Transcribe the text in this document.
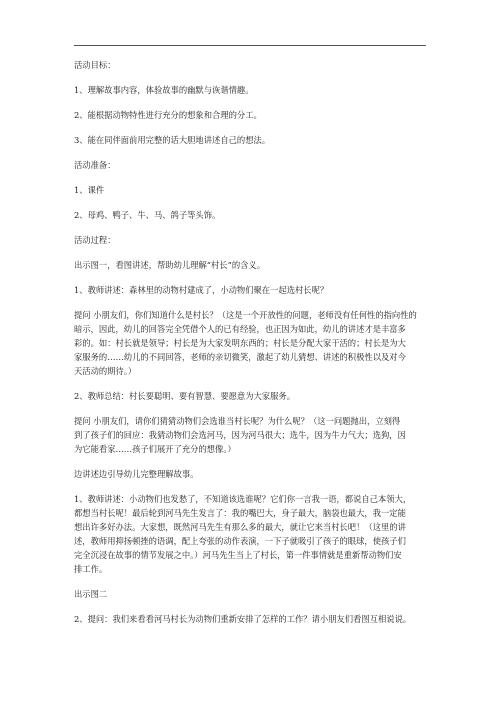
活动目标：
1、理解故事内容，体验故事的幽默与诙谐情趣。
2、能根据动物特性进行充分的想象和合理的分工。
3、能在同伴面前用完整的话大胆地讲述自己的想法。
活动准备：
1、课件
2、母鸡、鸭子、牛、马、鸽子等头饰。
活动过程：
出示图一，看图讲述，帮助幼儿理解“村长”的含义。
1、教师讲述：森林里的动物村建成了，小动物们聚在一起选村长呢？
提问 小朋友们，你们知道什么是村长？（这是一个开放性的问题，老师没有任何性的指向性的
暗示，因此，幼儿的回答完全凭借个人的已有经验，也正因为如此，幼儿的讲述才是丰富多
彩的。如：村长就是领导；村长是为大家发明东西的；村长是分配大家干活的；村长是为大
家服务的……幼儿的不同回答，老师的亲切微笑，激起了幼儿猜想、讲述的积极性以及对今
天活动的期待。）
2、教师总结：村长要聪明、要有智慧、要愿意为大家服务。
提问 小朋友们，请你们猜猜动物们会选谁当村长呢？为什么呢？（这一问题抛出，立刻得
到了孩子们的回应：我猜动物们会选河马，因为河马很大；选牛，因为牛力气大；选狗，因
为它能看家……孩子们展开了充分的想像。）
边讲述边引导幼儿完整理解故事。
1、教师讲述：小动物们也发愁了，不知道该选谁呢？它们你一言我一语，都说自己本领大，
都想当村长呢！最后轮到河马先生发言了：我的嘴巴大，身子最大，脑袋也最大，我一定能
想出许多好办法。大家想，既然河马先生有那么多的最大，就让它来当村长吧！（这里的讲
述，教师用抑扬顿挫的语调，配上夸张的动作表演，一下子就吸引了孩子的眼球，使孩子们
完全沉浸在故事的情节发展之中。）河马先生当上了村长，第一件事情就是重新帮动物们安
排工作。
出示图二
2、提问：我们来看看河马村长为动物们重新安排了怎样的工作？请小朋友们看图互相说说。
